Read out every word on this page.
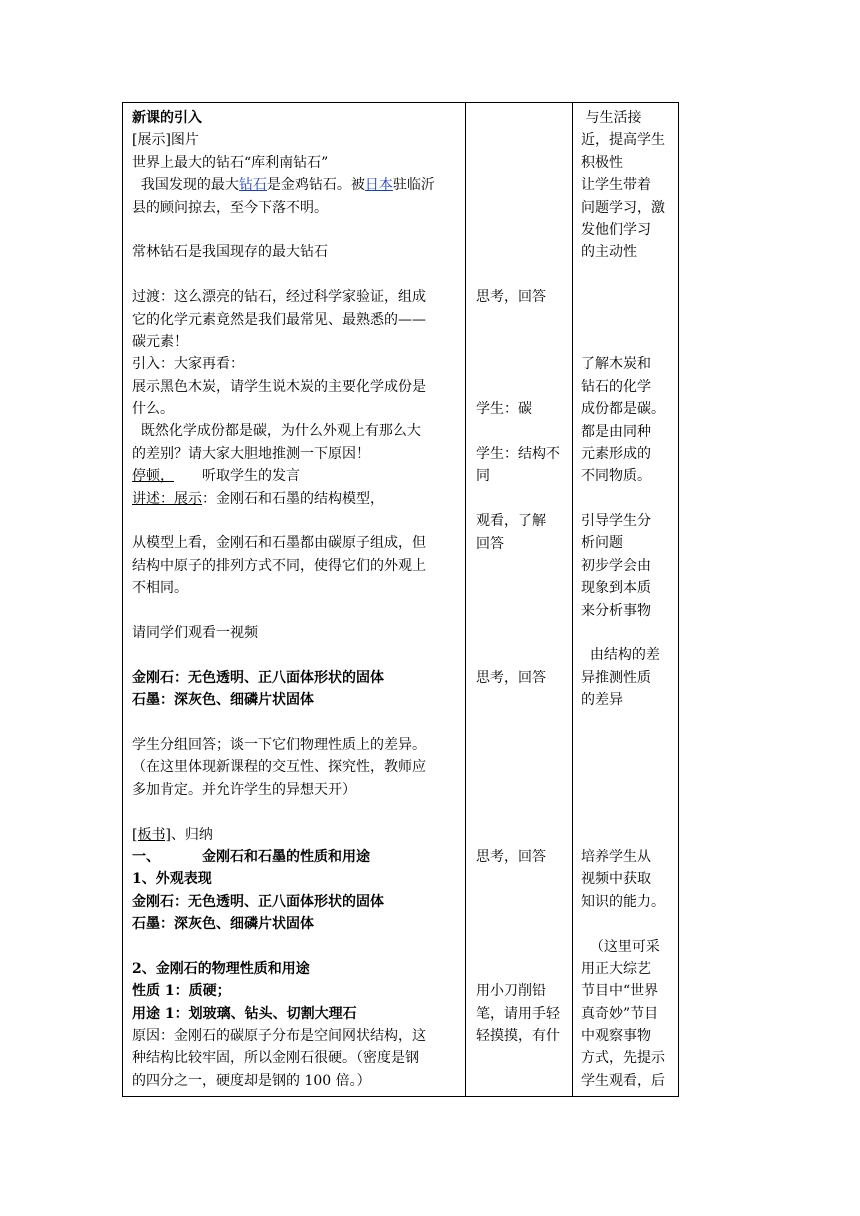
新课的引入
[展示]图片
世界上最大的钻石“库利南钻石”
我国发现的最大钻石是金鸡钻石。被日本驻临沂
县的顾问掠去，至今下落不明。
常林钻石是我国现存的最大钻石
过渡：这么漂亮的钻石，经过科学家验证，组成
它的化学元素竟然是我们最常见、最熟悉的——
碳元素！
引入：大家再看：
展示黑色木炭，请学生说木炭的主要化学成份是
什么。
既然化学成份都是碳，为什么外观上有那么大
的差别？请大家大胆地推测一下原因！
停顿， 听取学生的发言
讲述：展示：金刚石和石墨的结构模型，
从模型上看，金刚石和石墨都由碳原子组成，但
结构中原子的排列方式不同，使得它们的外观上
不相同。
请同学们观看一视频
金刚石：无色透明、正八面体形状的固体
石墨：深灰色、细磷片状固体
学生分组回答；谈一下它们物理性质上的差异。
（在这里体现新课程的交互性、探究性，教师应
多加肯定。并允许学生的异想天开）
[板书]、归纳
一、	金刚石和石墨的性质和用途
1、外观表现
金刚石：无色透明、正八面体形状的固体
石墨：深灰色、细磷片状固体
2、金刚石的物理性质和用途
性质 1：质硬；
用途 1：划玻璃、钻头、切割大理石
原因：金刚石的碳原子分布是空间网状结构，这
种结构比较牢固，所以金刚石很硬。（密度是钢
的四分之一，硬度却是钢的 100 倍。）
思考，回答
学生：碳
学生：结构不
同
观看，了解
回答
思考，回答
思考，回答
用小刀削铅
笔，请用手轻
轻摸摸，有什
与生活接
近，提高学生
积极性
让学生带着
问题学习，激
发他们学习
的主动性
了解木炭和
钻石的化学
成份都是碳。
都是由同种
元素形成的
不同物质。
引导学生分
析问题
初步学会由
现象到本质
来分析事物
由结构的差
异推测性质
的差异
培养学生从
视频中获取
知识的能力。
（这里可采
用正大综艺
节目中“世界
真奇妙”节目
中观察事物
方式，先提示
学生观看，后
